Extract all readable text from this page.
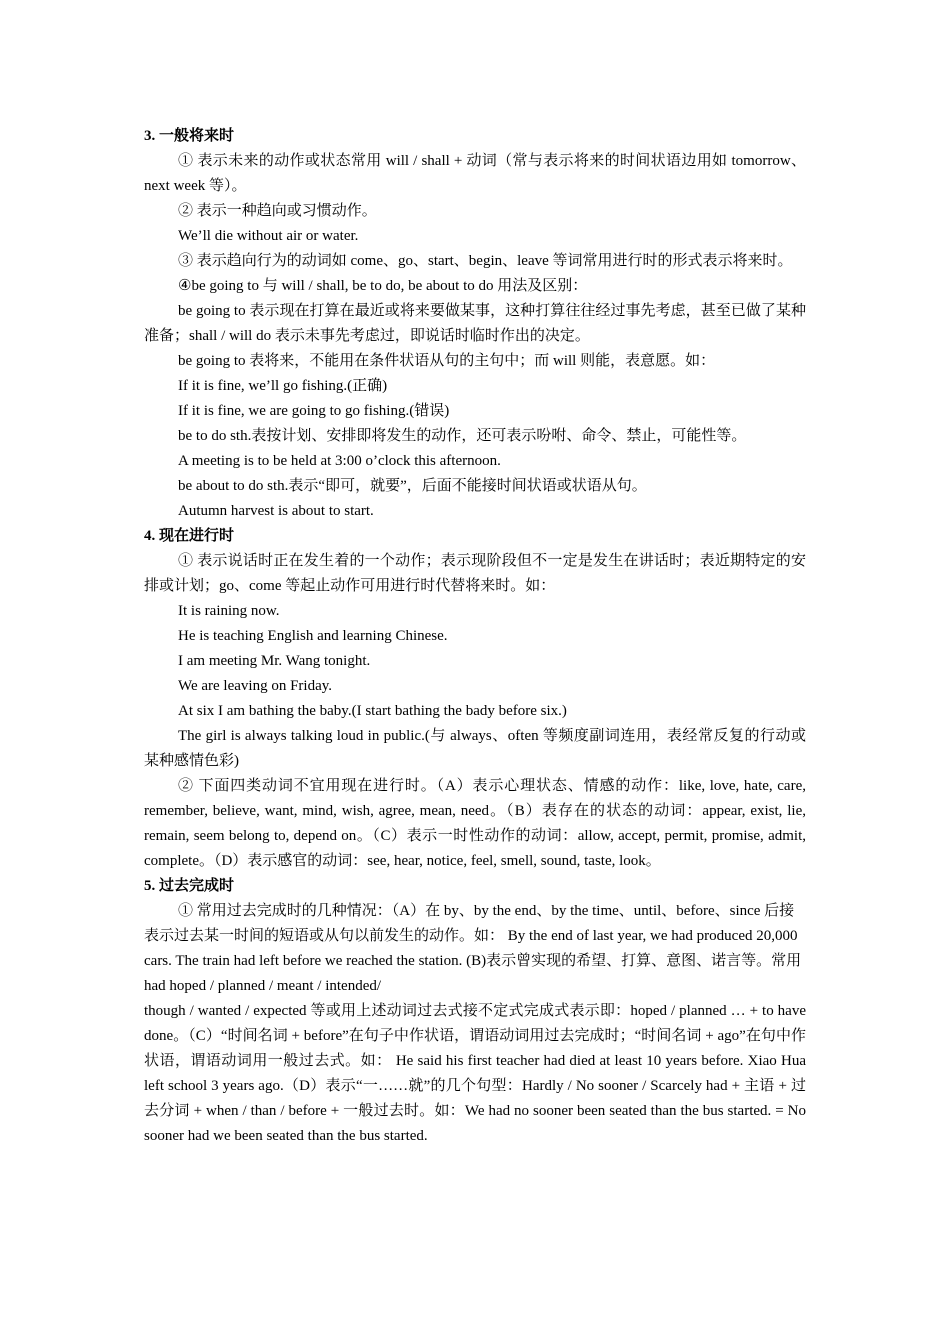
3. 一般将来时

① 表示未来的动作或状态常用 will / shall + 动词（常与表示将来的时间状语边用如 tomorrow、next week 等）。

② 表示一种趋向或习惯动作。

We’ll die without air or water.

③ 表示趋向行为的动词如 come、go、start、begin、leave 等词常用进行时的形式表示将来时。

④be going to 与 will / shall, be to do, be about to do 用法及区别：

be going to 表示现在打算在最近或将来要做某事，这种打算往往经过事先考虑，甚至已做了某种准备；shall / will do 表示未事先考虑过，即说话时临时作出的决定。

be going to 表将来，不能用在条件状语从句的主句中；而 will 则能，表意愿。如：

If it is fine, we’ll go fishing.(正确)

If it is fine, we are going to go fishing.(错误)

be to do sth.表按计划、安排即将发生的动作，还可表示吩咐、命令、禁止，可能性等。

A meeting is to be held at 3:00 o’clock this afternoon.

be about to do sth.表示“即可，就要”，后面不能接时间状语或状语从句。

Autumn harvest is about to start.

4. 现在进行时

① 表示说话时正在发生着的一个动作；表示现阶段但不一定是发生在讲话时；表近期特定的安排或计划；go、come 等起止动作可用进行时代替将来时。如：

It is raining now.

He is teaching English and learning Chinese.

I am meeting Mr. Wang tonight.

We are leaving on Friday.

At six I am bathing the baby.(I start bathing the bady before six.)

The girl is always talking loud in public.(与 always、often 等频度副词连用，表经常反复的行动或某种感情色彩)

② 下面四类动词不宜用现在进行时。（A）表示心理状态、情感的动作：like, love, hate, care, remember, believe, want, mind, wish, agree, mean, need。（B）表存在的状态的动词：appear, exist, lie, remain, seem belong to, depend on。（C）表示一时性动作的动词：allow, accept, permit, promise, admit, complete。（D）表示感官的动词：see, hear, notice, feel, smell, sound, taste, look。

5. 过去完成时

① 常用过去完成时的几种情况：（A）在 by、by the end、by the time、until、before、since 后接表示过去某一时间的短语或从句以前发生的动作。如： By the end of last year, we had produced 20,000 cars. The train had left before we reached the station. (B)表示曾实现的希望、打算、意图、诺言等。常用 had hoped / planned / meant / intended/

though / wanted / expected 等或用上述动词过去式接不定式完成式表示即：hoped / planned … + to have done。（C）“时间名词 + before”在句子中作状语，谓语动词用过去完成时；“时间名词 + ago”在句中作状语，谓语动词用一般过去式。如： He said his first teacher had died at least 10 years before. Xiao Hua left school 3 years ago.（D）表示“一……就”的几个句型：Hardly / No sooner / Scarcely had + 主语 + 过去分词 + when / than / before + 一般过去时。如：We had no sooner been seated than the bus started. = No sooner had we been seated than the bus started.
